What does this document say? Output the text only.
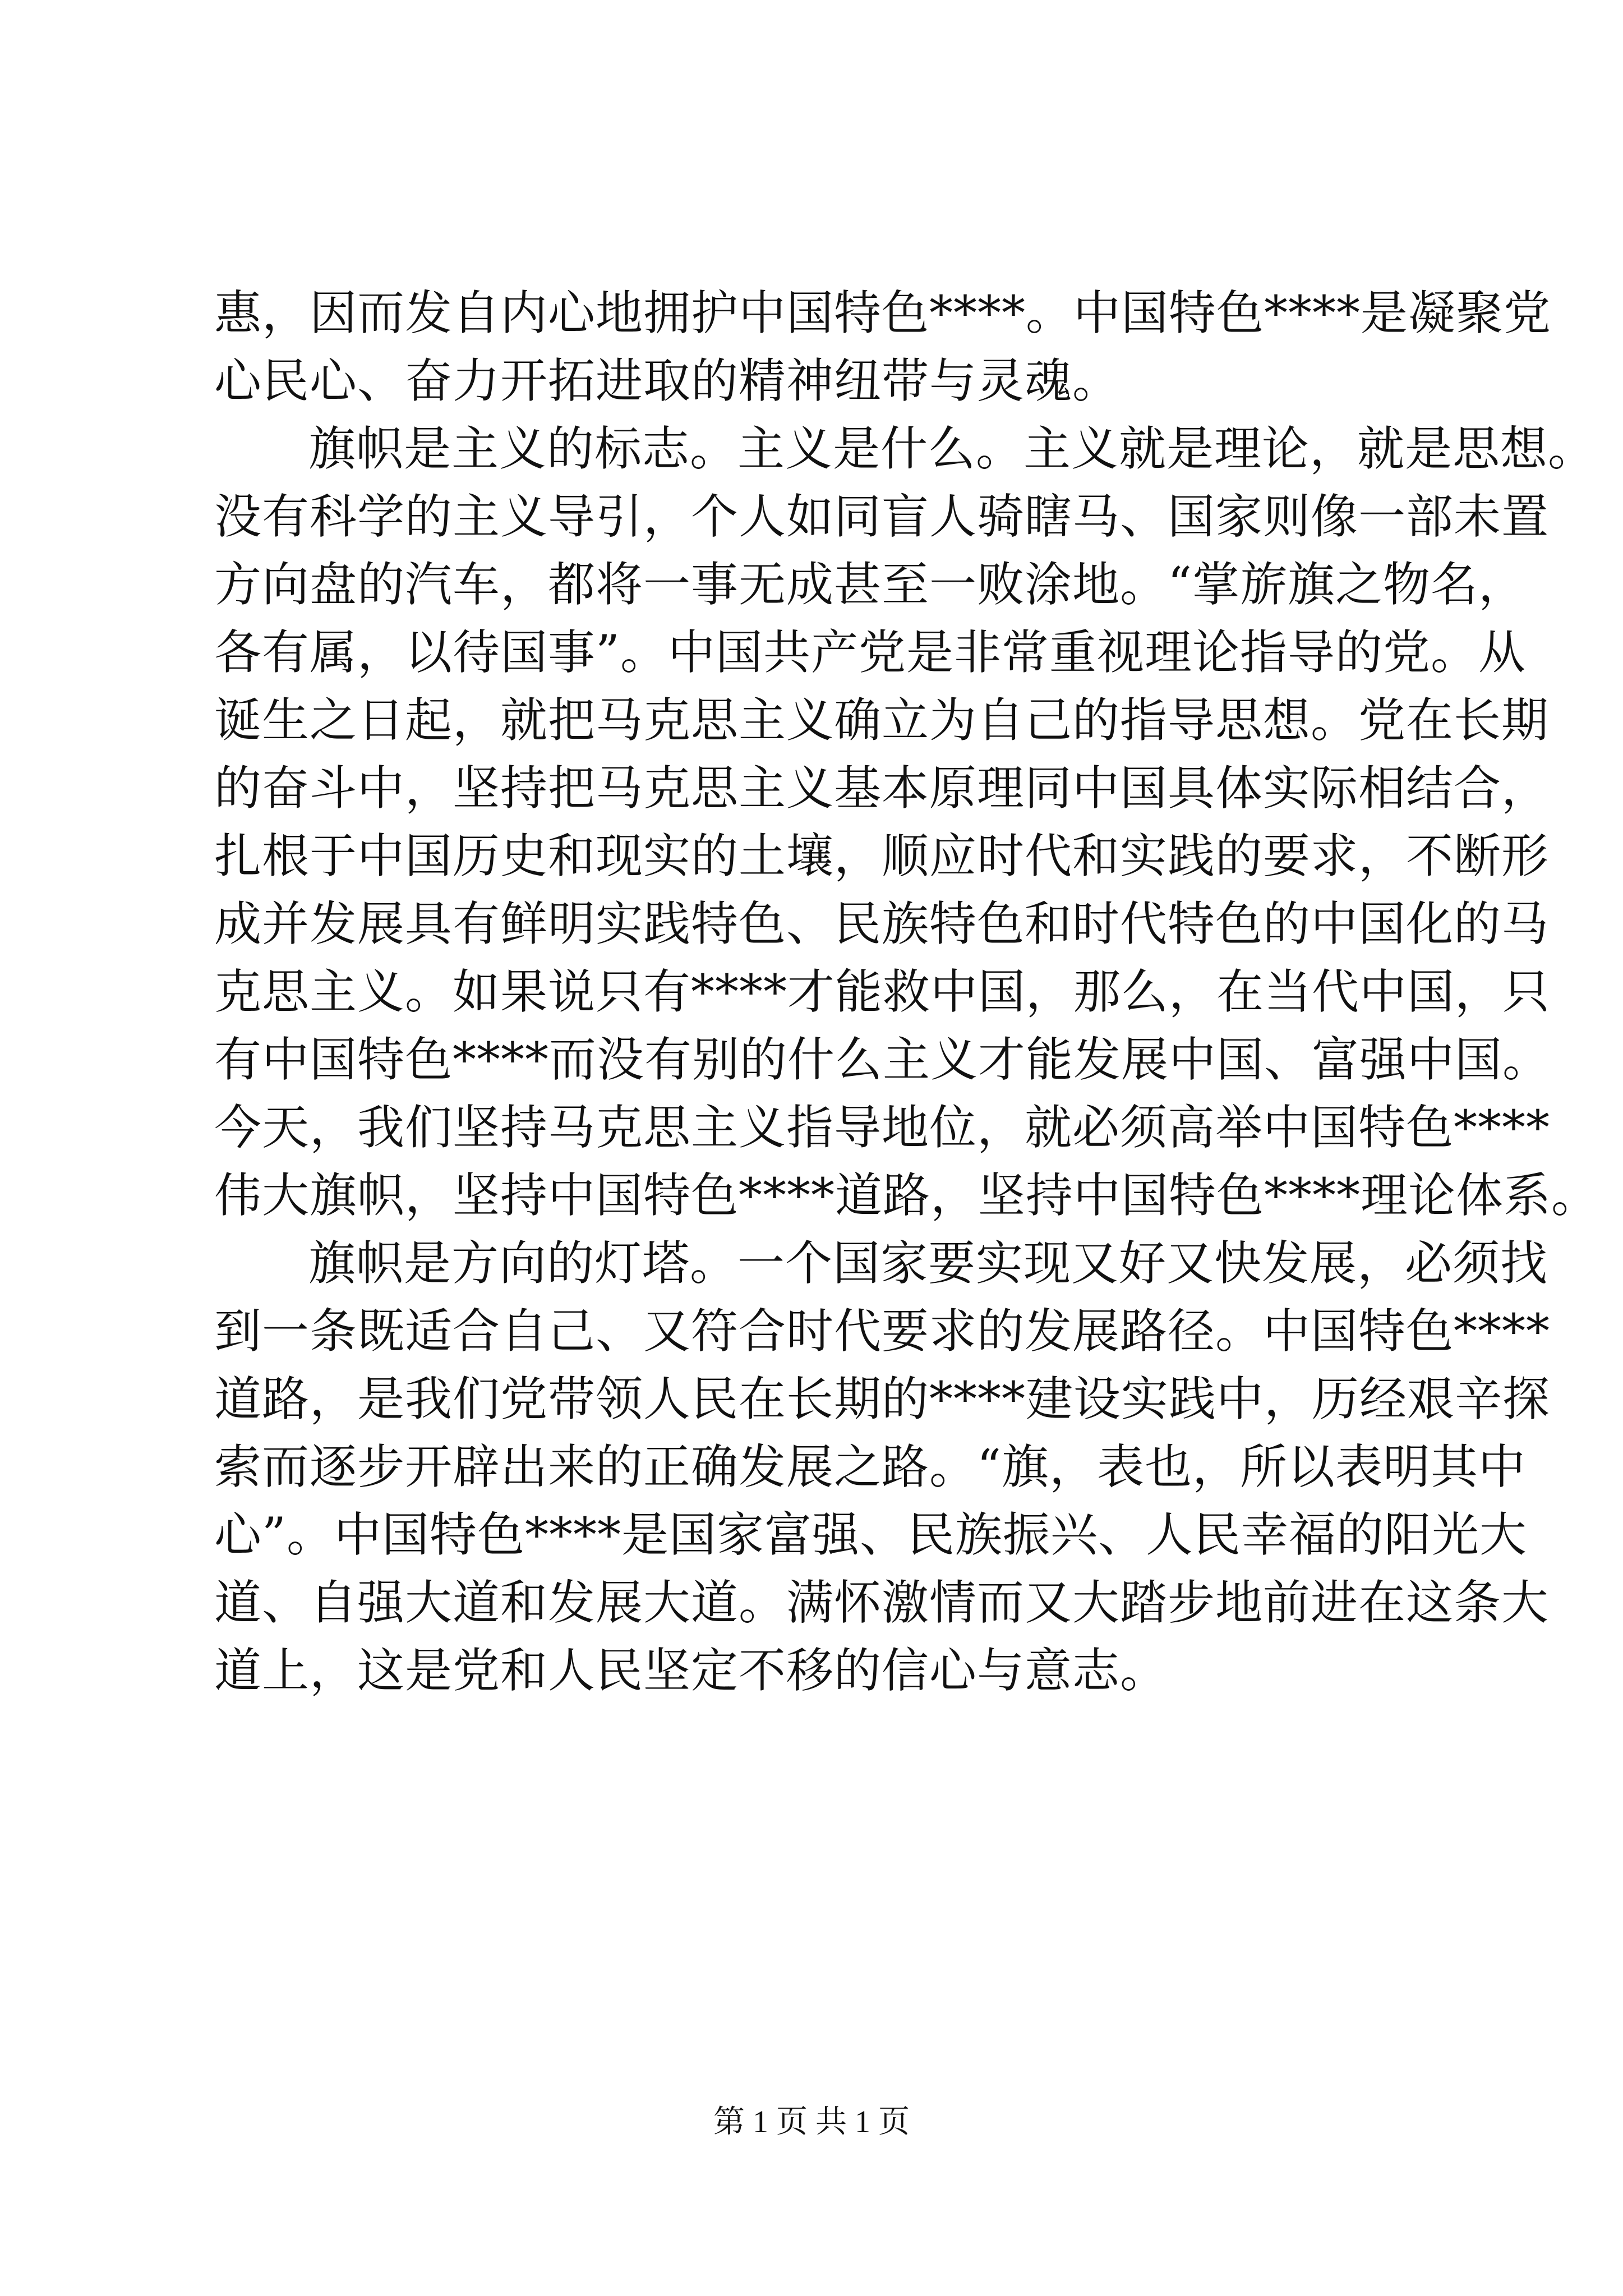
惠，因而发自内心地拥护中国特色****。中国特色****是凝聚党
心民心、奋力开拓进取的精神纽带与灵魂。
旗帜是主义的标志。主义是什么。主义就是理论，就是思想。
没有科学的主义导引，个人如同盲人骑瞎马、国家则像一部未置
方向盘的汽车，都将一事无成甚至一败涂地。“掌旂旗之物名，
各有属，以待国事”。中国共产党是非常重视理论指导的党。从
诞生之日起，就把马克思主义确立为自己的指导思想。党在长期
的奋斗中，坚持把马克思主义基本原理同中国具体实际相结合，
扎根于中国历史和现实的土壤，顺应时代和实践的要求，不断形
成并发展具有鲜明实践特色、民族特色和时代特色的中国化的马
克思主义。如果说只有****才能救中国，那么，在当代中国，只
有中国特色****而没有别的什么主义才能发展中国、富强中国。
今天，我们坚持马克思主义指导地位，就必须高举中国特色****
伟大旗帜，坚持中国特色****道路，坚持中国特色****理论体系。
旗帜是方向的灯塔。一个国家要实现又好又快发展，必须找
到一条既适合自己、又符合时代要求的发展路径。中国特色****
道路，是我们党带领人民在长期的****建设实践中，历经艰辛探
索而逐步开辟出来的正确发展之路。“旗，表也，所以表明其中
心”。中国特色****是国家富强、民族振兴、人民幸福的阳光大
道、自强大道和发展大道。满怀激情而又大踏步地前进在这条大
道上，这是党和人民坚定不移的信心与意志。
第 1 页 共 1 页
